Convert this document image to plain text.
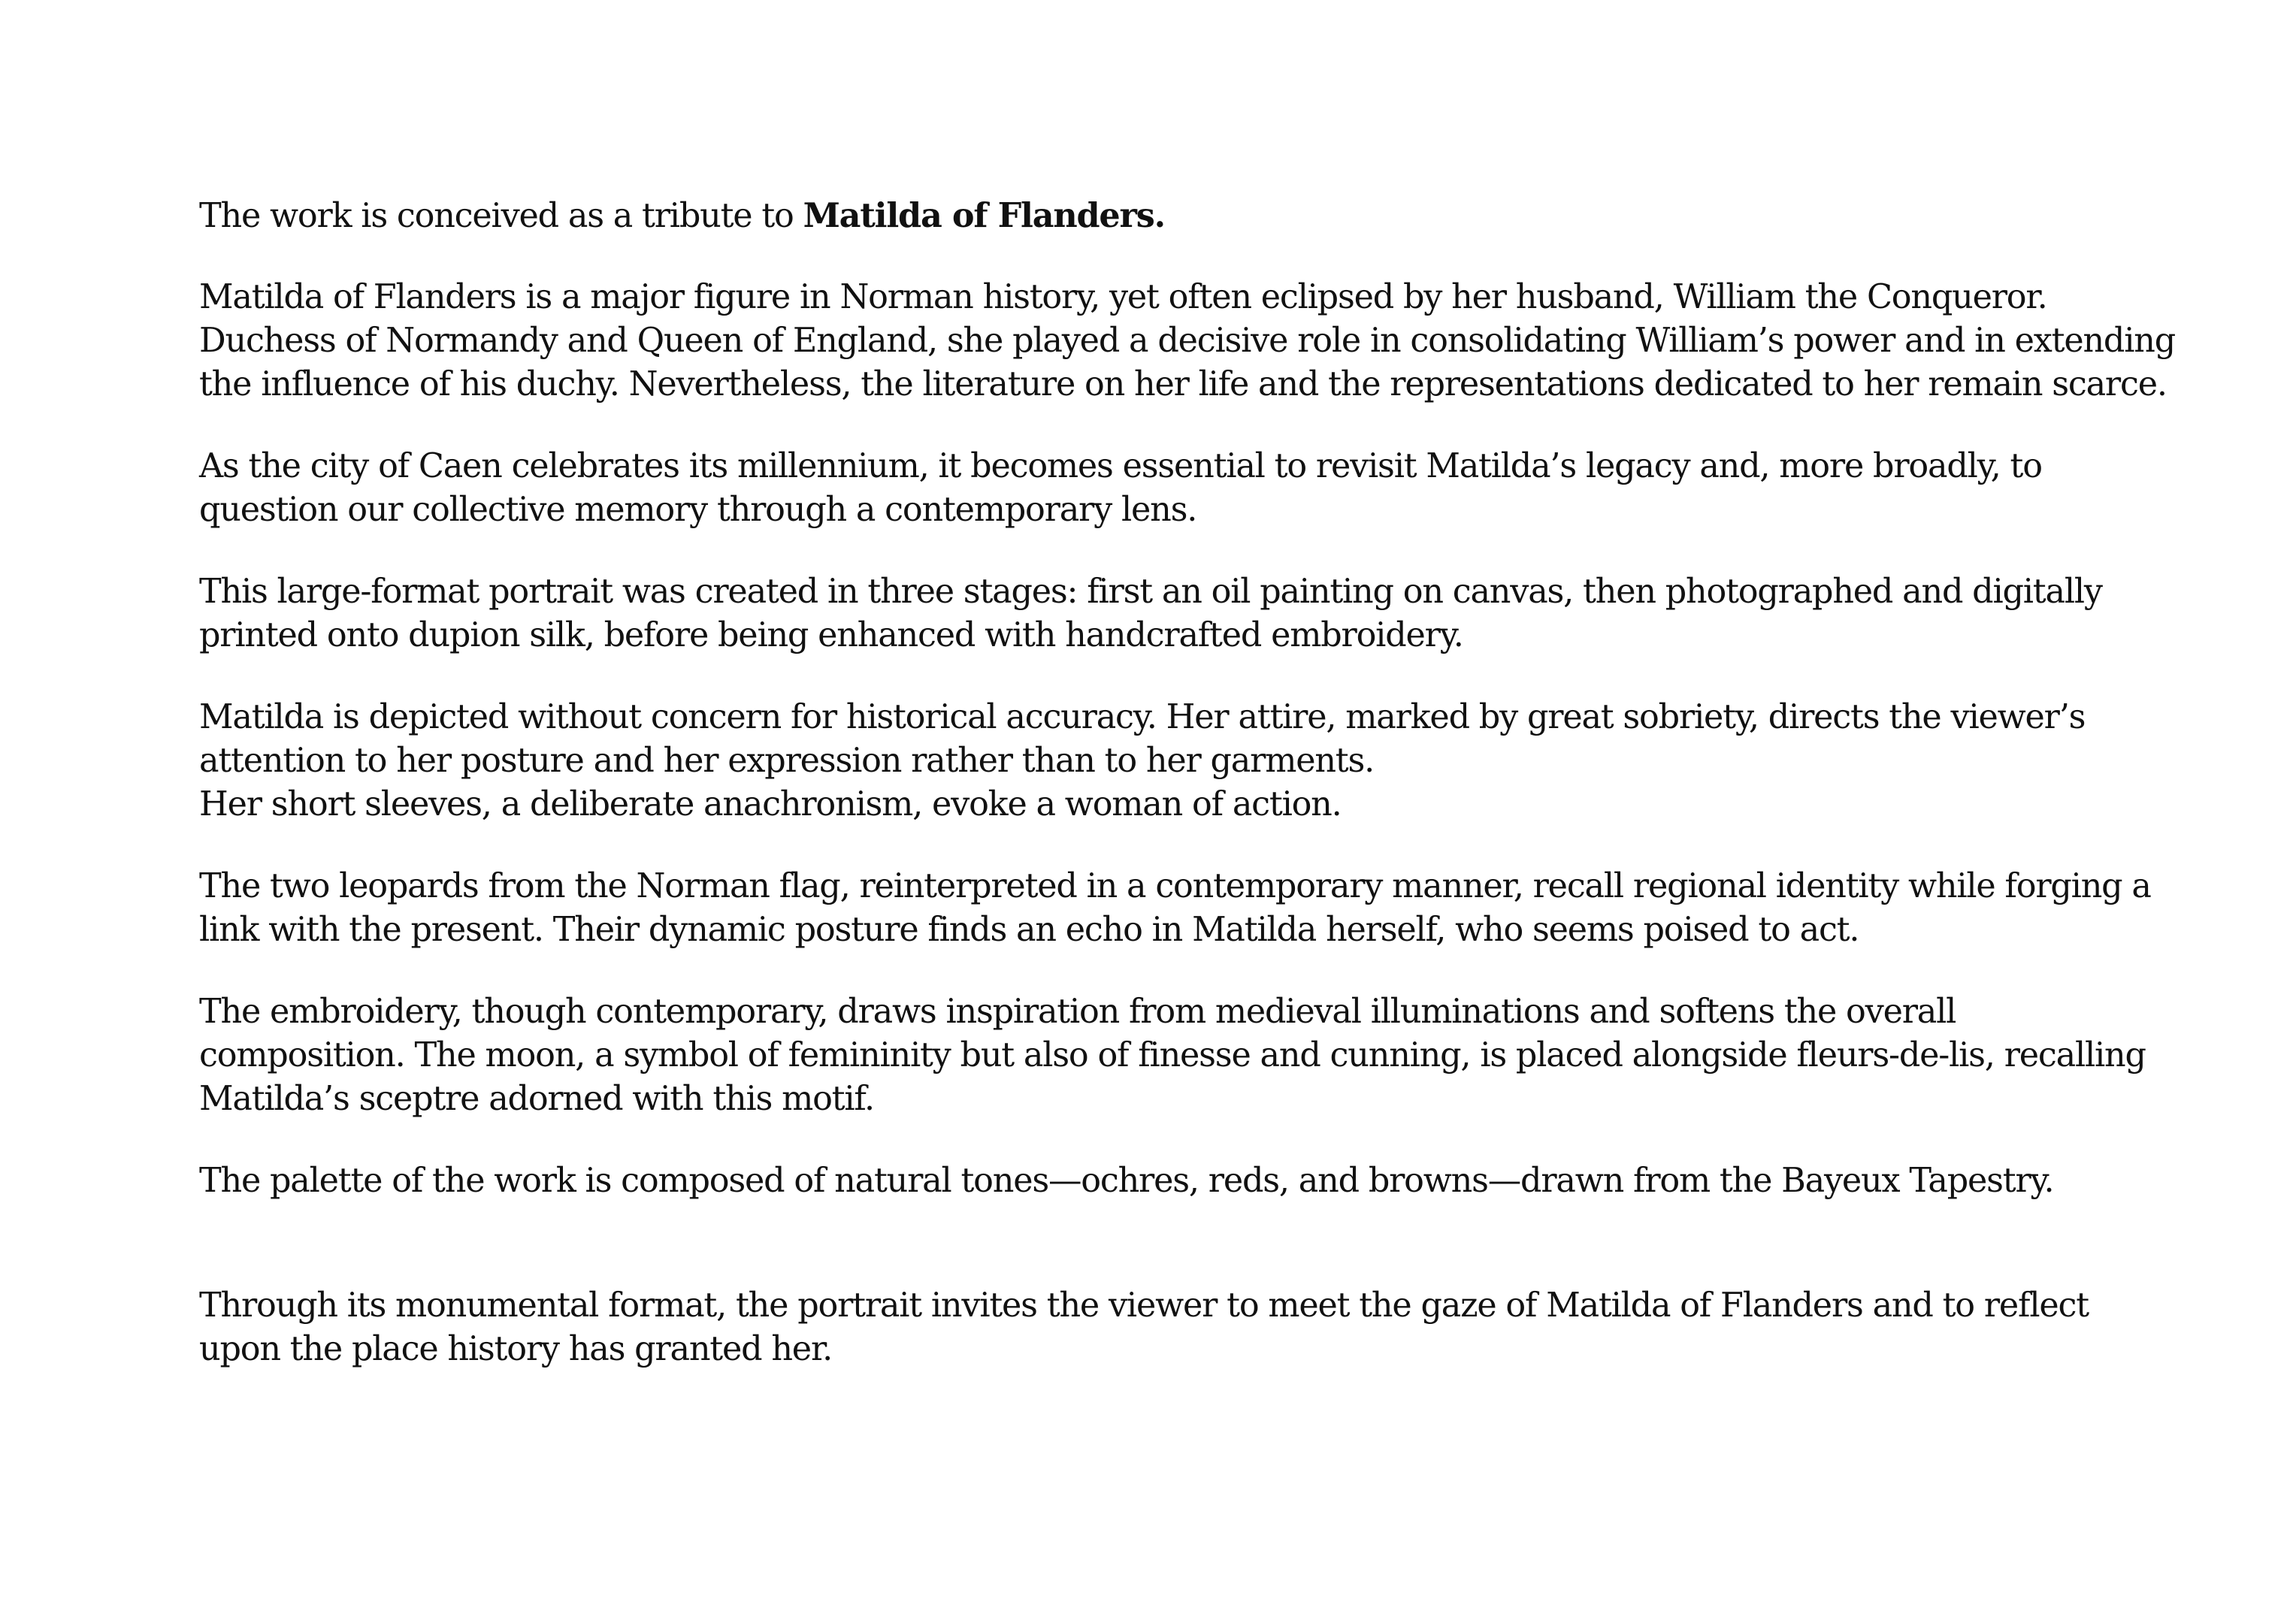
The work is conceived as a tribute to Matilda of Flanders.

Matilda of Flanders is a major figure in Norman history, yet often eclipsed by her husband, William the Conqueror.
Duchess of Normandy and Queen of England, she played a decisive role in consolidating William’s power and in extending
the influence of his duchy. Nevertheless, the literature on her life and the representations dedicated to her remain scarce.

As the city of Caen celebrates its millennium, it becomes essential to revisit Matilda’s legacy and, more broadly, to
question our collective memory through a contemporary lens.

This large-format portrait was created in three stages: first an oil painting on canvas, then photographed and digitally
printed onto dupion silk, before being enhanced with handcrafted embroidery.

Matilda is depicted without concern for historical accuracy. Her attire, marked by great sobriety, directs the viewer’s
attention to her posture and her expression rather than to her garments.
Her short sleeves, a deliberate anachronism, evoke a woman of action.

The two leopards from the Norman flag, reinterpreted in a contemporary manner, recall regional identity while forging a
link with the present. Their dynamic posture finds an echo in Matilda herself, who seems poised to act.

The embroidery, though contemporary, draws inspiration from medieval illuminations and softens the overall
composition. The moon, a symbol of femininity but also of finesse and cunning, is placed alongside fleurs-de-lis, recalling
Matilda’s sceptre adorned with this motif.

The palette of the work is composed of natural tones—ochres, reds, and browns—drawn from the Bayeux Tapestry.

Through its monumental format, the portrait invites the viewer to meet the gaze of Matilda of Flanders and to reflect
upon the place history has granted her.
